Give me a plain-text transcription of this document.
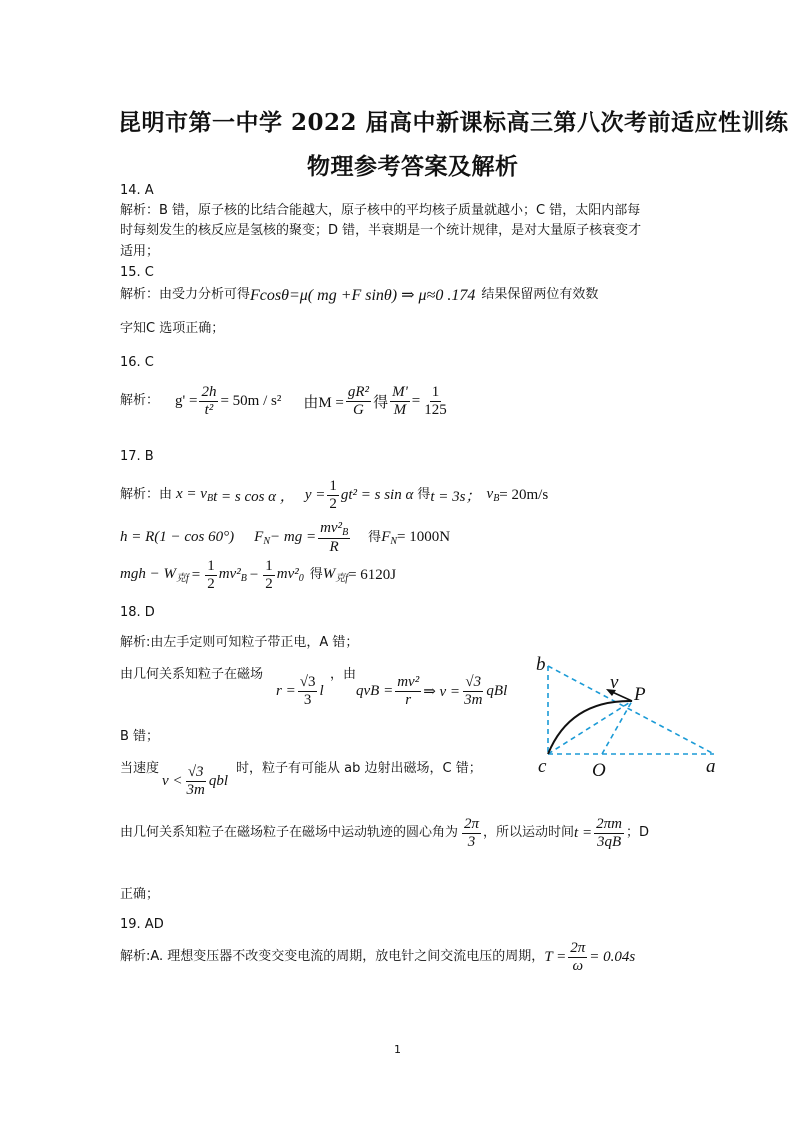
昆明市第一中学 2022 届高中新课标高三第八次考前适应性训练
物理参考答案及解析
14. A
解析：B 错，原子核的比结合能越大，原子核中的平均核子质量就越小；C 错，太阳内部每
时每刻发生的核反应是氢核的聚变；D 错，半衰期是一个统计规律，是对大量原子核衰变才
适用；
15. C
解析：由受力分析可得 Fcosθ=μ( mg +F sinθ) ⇒ μ≈0 .174 结果保留两位有效数
字知C 选项正确；
16. C
解析： $g' = \frac{2h}{\text{t²}} = 50m / s^2$ 由$M = \frac{\text{gR²}}{G}$ 得 $\frac{M'}{M} = \frac{1}{125}$
17. B
解析：由 $x = v_B$ t = s cos α ， $y = \frac{1}{2} gt^2 = s$ sin α 得 t = 3s； $v_B = 20m/s$
h = R(1 − cos 60°) $F_N$ − mg = $\frac{mv^2_B}{R}$ 得 $F_N = 1000N$
mgh − $W_{克f} = \frac{1}{2} mv^2_B - \frac{1}{2} mv^2_0$ 得 $W_{克f} = 6120J$
18. D
解析:由左手定则可知粒子带正电，A 错；
由几何关系知粒子在磁场
$r = \frac{√3}{3}$ l
，由
qvB = $\frac{\text{mv²}}{r}$ ⇒ $v = \frac{√3}{3m}$ qBl
B 错；
当速度
$v < \frac{√3}{3m}$ qbl
时，粒子有可能从 ab 边射出磁场，C 错；
由几何关系知粒子在磁场粒子在磁场中运动轨迹的圆心角为 $\frac{2\pi}{3}$ ，所以运动时间 $t = \frac{2\pi m}{3qB}$ ；D
正确；
b
v
P
c O	a
19. AD
解析:A. 理想变压器不改变交变电流的周期，放电针之间交流电压的周期， $T = \frac{2\pi}{\omega} = 0.04s$
1
